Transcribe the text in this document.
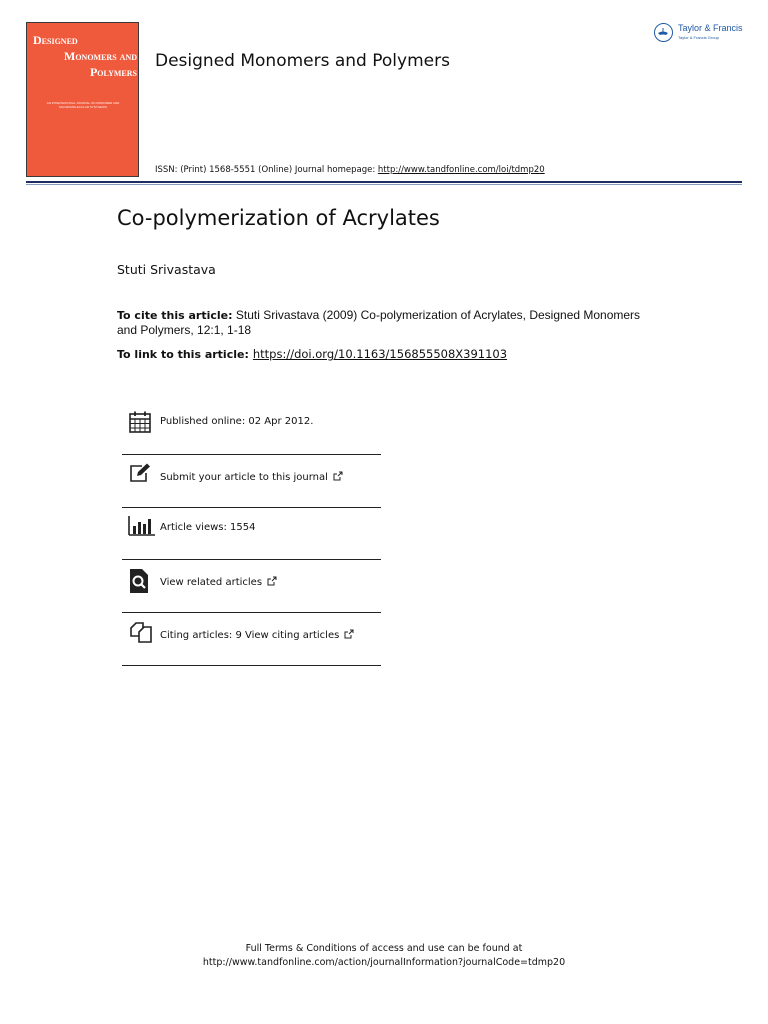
Designed
Monomers and
Polymers
AN INTERNATIONAL JOURNAL ON MONOMER AND MACROMOLECULAR SYNTHESIS
Designed Monomers and Polymers
ISSN: (Print) 1568-5551 (Online) Journal homepage: http://www.tandfonline.com/loi/tdmp20
Taylor & Francis
Taylor & Francis Group
Co-polymerization of Acrylates
Stuti Srivastava
To cite this article: Stuti Srivastava (2009) Co-polymerization of Acrylates, Designed Monomers and Polymers, 12:1, 1-18
To link to this article: https://doi.org/10.1163/156855508X391103
Published online: 02 Apr 2012.
Submit your article to this journal
Article views: 1554
View related articles
Citing articles: 9 View citing articles
Full Terms & Conditions of access and use can be found at
http://www.tandfonline.com/action/journalInformation?journalCode=tdmp20
